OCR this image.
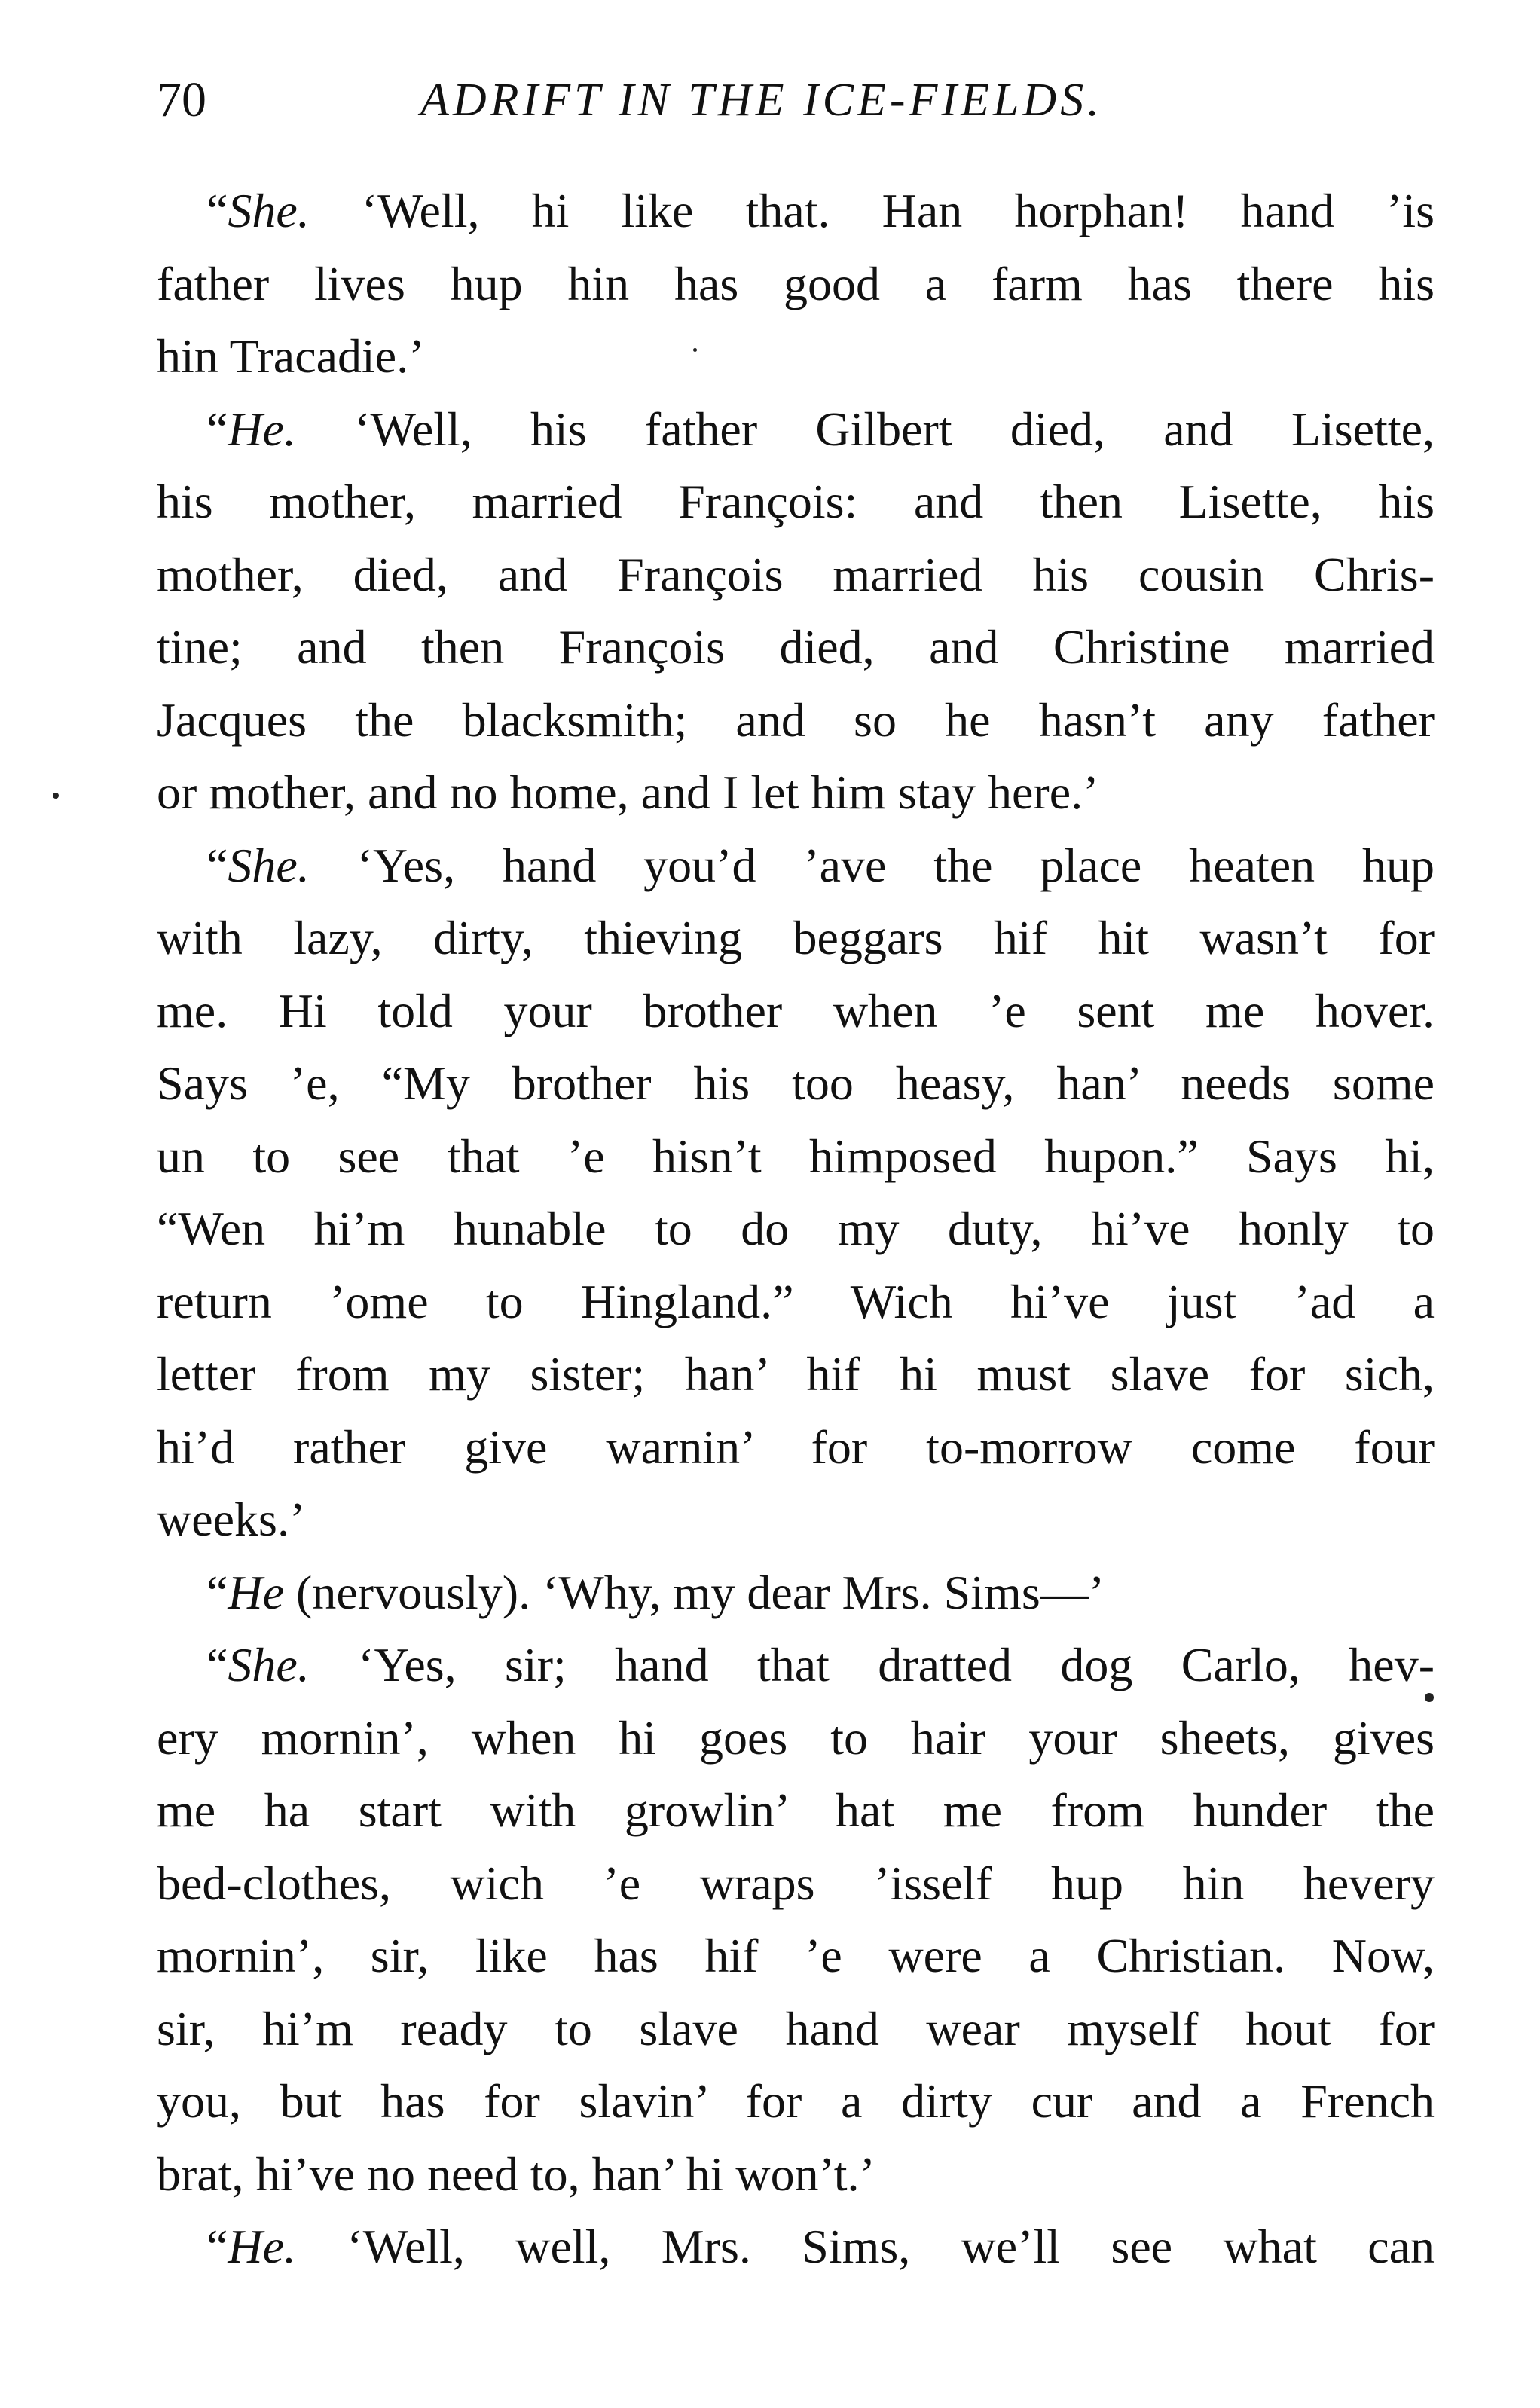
70	ADRIFT IN THE ICE-FIELDS.
“She. ‘Well, hi like that. Han horphan! hand ’is
father lives hup hin has good a farm has there his
hin Tracadie.’
“He. ‘Well, his father Gilbert died, and Lisette,
his mother, married François: and then Lisette, his
mother, died, and François married his cousin Chris-
tine; and then François died, and Christine married
Jacques the blacksmith; and so he hasn’t any father
or mother, and no home, and I let him stay here.’
“She. ‘Yes, hand you’d ’ave the place heaten hup
with lazy, dirty, thieving beggars hif hit wasn’t for
me. Hi told your brother when ’e sent me hover.
Says ’e, “My brother his too heasy, han’ needs some
un to see that ’e hisn’t himposed hupon.” Says hi,
“Wen hi’m hunable to do my duty, hi’ve honly to
return ’ome to Hingland.” Wich hi’ve just ’ad a
letter from my sister; han’ hif hi must slave for sich,
hi’d rather give warnin’ for to-morrow come four
weeks.’
“He (nervously). ‘Why, my dear Mrs. Sims—’
“She. ‘Yes, sir; hand that dratted dog Carlo, hev-
ery mornin’, when hi goes to hair your sheets, gives
me ha start with growlin’ hat me from hunder the
bed-clothes, wich ’e wraps ’isself hup hin hevery
mornin’, sir, like has hif ’e were a Christian. Now,
sir, hi’m ready to slave hand wear myself hout for
you, but has for slavin’ for a dirty cur and a French
brat, hi’ve no need to, han’ hi won’t.’
“He. ‘Well, well, Mrs. Sims, we’ll see what can
